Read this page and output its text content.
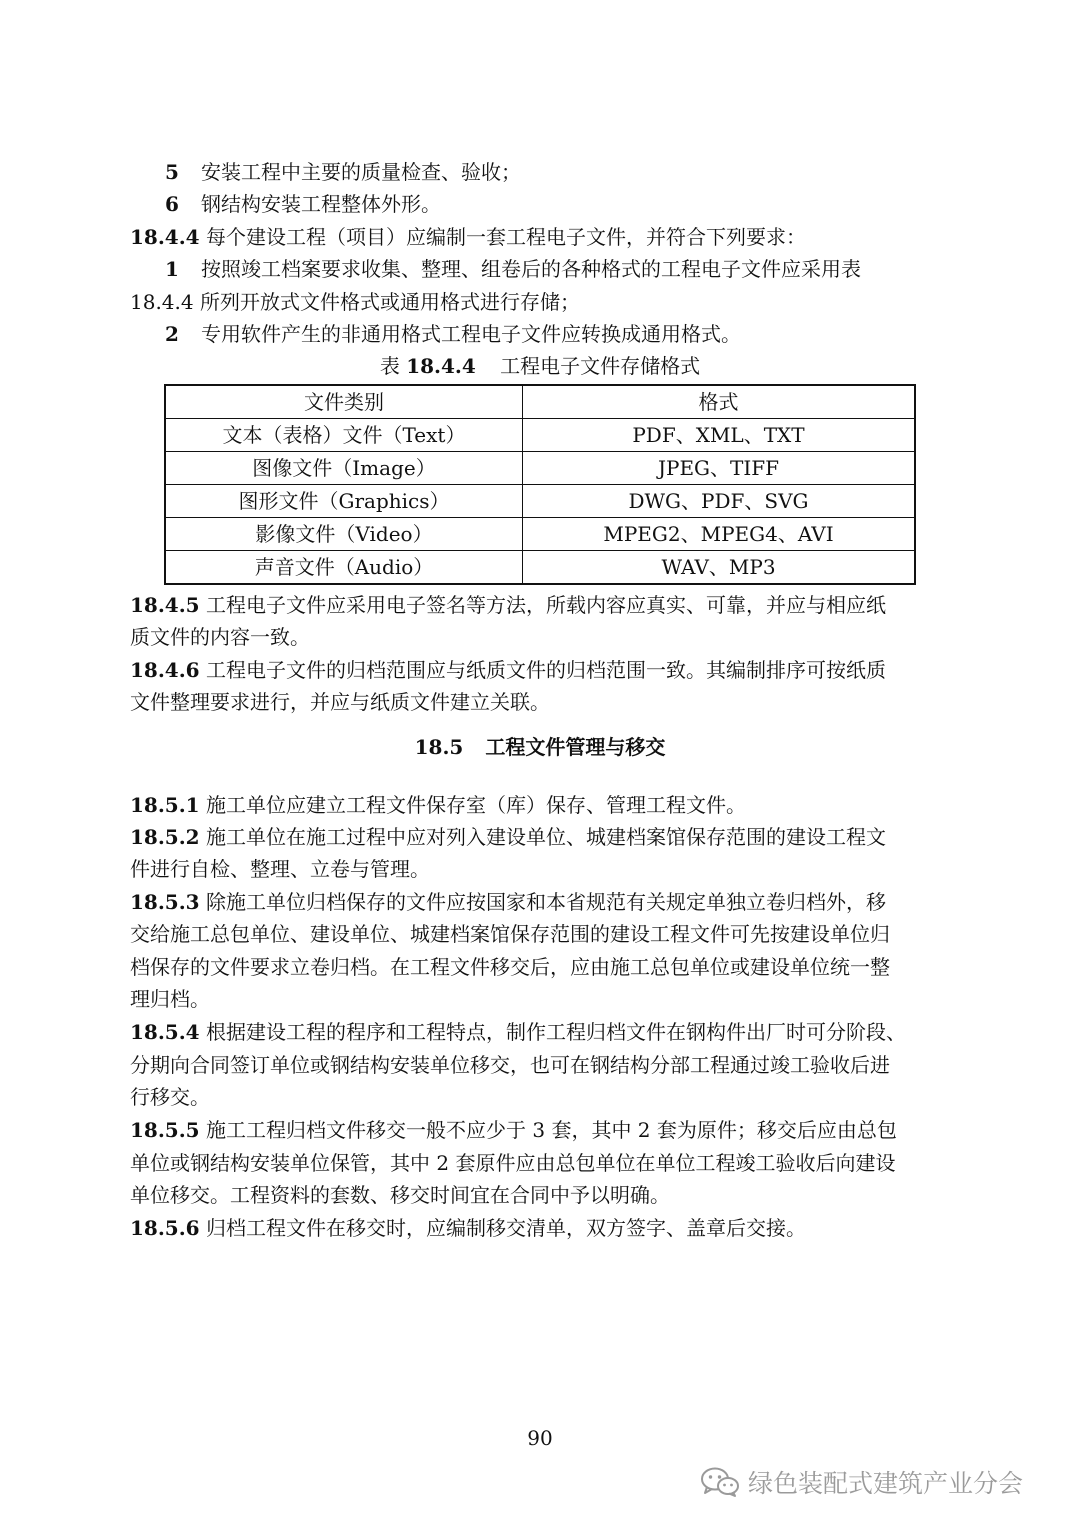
5 安装工程中主要的质量检查、验收；
6 钢结构安装工程整体外形。
18.4.4 每个建设工程（项目）应编制一套工程电子文件，并符合下列要求：
1 按照竣工档案要求收集、整理、组卷后的各种格式的工程电子文件应采用表
18.4.4 所列开放式文件格式或通用格式进行存储；
2 专用软件产生的非通用格式工程电子文件应转换成通用格式。
表 18.4.4 工程电子文件存储格式
文件类别	格式
文本（表格）文件（Text）	PDF、XML、TXT
图像文件（Image）	JPEG、TIFF
图形文件（Graphics）	DWG、PDF、SVG
影像文件（Video）	MPEG2、MPEG4、AVI
声音文件（Audio）	WAV、MP3
18.4.5 工程电子文件应采用电子签名等方法，所载内容应真实、可靠，并应与相应纸
质文件的内容一致。
18.4.6 工程电子文件的归档范围应与纸质文件的归档范围一致。其编制排序可按纸质
文件整理要求进行，并应与纸质文件建立关联。
18.5 工程文件管理与移交
18.5.1 施工单位应建立工程文件保存室（库）保存、管理工程文件。
18.5.2 施工单位在施工过程中应对列入建设单位、城建档案馆保存范围的建设工程文
件进行自检、整理、立卷与管理。
18.5.3 除施工单位归档保存的文件应按国家和本省规范有关规定单独立卷归档外，移
交给施工总包单位、建设单位、城建档案馆保存范围的建设工程文件可先按建设单位归
档保存的文件要求立卷归档。在工程文件移交后，应由施工总包单位或建设单位统一整
理归档。
18.5.4 根据建设工程的程序和工程特点，制作工程归档文件在钢构件出厂时可分阶段、
分期向合同签订单位或钢结构安装单位移交，也可在钢结构分部工程通过竣工验收后进
行移交。
18.5.5 施工工程归档文件移交一般不应少于 3 套，其中 2 套为原件；移交后应由总包
单位或钢结构安装单位保管，其中 2 套原件应由总包单位在单位工程竣工验收后向建设
单位移交。工程资料的套数、移交时间宜在合同中予以明确。
18.5.6 归档工程文件在移交时，应编制移交清单，双方签字、盖章后交接。
90
绿色装配式建筑产业分会
